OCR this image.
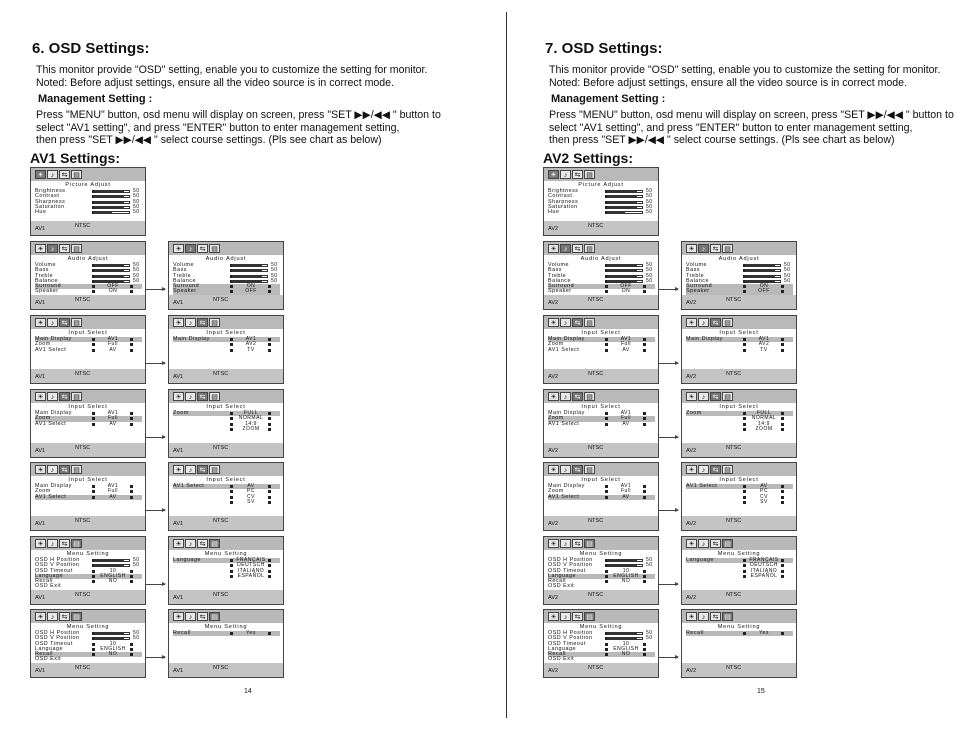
6. OSD Settings:
This monitor provide "OSD" setting, enable you to customize the setting for monitor.
Noted: Before adjust settings, ensure all the video source is in correct mode.
Management Setting :
Press "MENU" button, osd menu will display on screen, press "SET ▶▶/◀◀ " button to
select "AV1 setting", and press "ENTER" button to enter management setting,
then press "SET ▶▶/◀◀ " select course settings. (Pls see chart as below)
AV1 Settings:
14
☀	♪	⇆ ▤
Picture Adjust
Brightness	50
Contrast	50
Sharpness	50
Saturation	50
Hue	50
AV1	NTSC
☀	♪	⇆ ▤
Audio Adjust
Volume	50
Bass	50
Treble	50
Balance	50
Surround	OFF
Speaker	ON
AV1	NTSC
☀	♪	⇆ ▤
Audio Adjust
Volume	50
Bass	50
Treble	50
Balance	50
Surround	ON
Speaker	OFF
AV1	NTSC
☀	♪	⇆ ▤
Input Select
Main Display	AV1
Zoom	Full
AV1 Select	AV
AV1	NTSC
☀	♪	⇆ ▤
Input Select
Main Display	AV1
AV2
TV
AV1	NTSC
☀	♪	⇆ ▤
Input Select
Main Display	AV1
Zoom	Full
AV1 Select	AV
AV1	NTSC
☀	♪	⇆ ▤
Input Select
Zoom	FULL
NORMAL
14:9
ZOOM
AV1	NTSC
☀	♪	⇆ ▤
Input Select
Main Display	AV1
Zoom	Full
AV1 Select	AV
AV1	NTSC
☀	♪	⇆ ▤
Input Select
AV1 Select	AV
PC
CV
SV
AV1	NTSC
☀	♪	⇆ ▤
Menu Setting
OSD H Position	50
OSD V Position	50
OSD Timeout	10
Language	ENGLISH
Recall	NO
OSD Exit
AV1	NTSC
☀	♪	⇆ ▤
Menu Setting
Language	FRANÇAIS
DEUTSCH
ITALIANO
ESPAÑOL
AV1	NTSC
☀	♪	⇆ ▤
Menu Setting
OSD H Position	50
OSD V Position	50
OSD Timeout	10
Language	ENGLISH
Recall	NO
OSD Exit
AV1	NTSC
☀	♪	⇆ ▤
Menu Setting
Recall	Yes
AV1	NTSC
7. OSD Settings:
This monitor provide "OSD" setting, enable you to customize the setting for monitor.
Noted: Before adjust settings, ensure all the video source is in correct mode.
Management Setting :
Press "MENU" button, osd menu will display on screen, press "SET ▶▶/◀◀ " button to
select "AV1 setting", and press "ENTER" button to enter management setting,
then press "SET ▶▶/◀◀ " select course settings. (Pls see chart as below)
AV2 Settings:
15
☀	♪	⇆ ▤
Picture Adjust
Brightness	50
Contrast	50
Sharpness	50
Saturation	50
Hue	50
AV2	NTSC
☀	♪	⇆ ▤
Audio Adjust
Volume	50
Bass	50
Treble	50
Balance	50
Surround	OFF
Speaker	ON
AV2	NTSC
☀	♪	⇆ ▤
Audio Adjust
Volume	50
Bass	50
Treble	50
Balance	50
Surround	ON
Speaker	OFF
AV2	NTSC
☀	♪	⇆ ▤
Input Select
Main Display	AV1
Zoom	Full
AV1 Select	AV
AV2	NTSC
☀	♪	⇆ ▤
Input Select
Main Display	AV1
AV2
TV
AV2	NTSC
☀	♪	⇆ ▤
Input Select
Main Display	AV1
Zoom	Full
AV1 Select	AV
AV2	NTSC
☀	♪	⇆ ▤
Input Select
Zoom	FULL
NORMAL
14:9
ZOOM
AV2	NTSC
☀	♪	⇆ ▤
Input Select
Main Display	AV1
Zoom	Full
AV1 Select	AV
AV2	NTSC
☀	♪	⇆ ▤
Input Select
AV1 Select	AV
PC
CV
SV
AV2	NTSC
☀	♪	⇆ ▤
Menu Setting
OSD H Position	50
OSD V Position	50
OSD Timeout	10
Language	ENGLISH
Recall	NO
OSD Exit
AV2	NTSC
☀	♪	⇆ ▤
Menu Setting
Language	FRANÇAIS
DEUTSCH
ITALIANO
ESPAÑOL
AV2	NTSC
☀	♪	⇆ ▤
Menu Setting
OSD H Position	50
OSD V Position	50
OSD Timeout	10
Language	ENGLISH
Recall	NO
OSD Exit
AV2	NTSC
☀	♪	⇆ ▤
Menu Setting
Recall	Yes
AV2	NTSC
